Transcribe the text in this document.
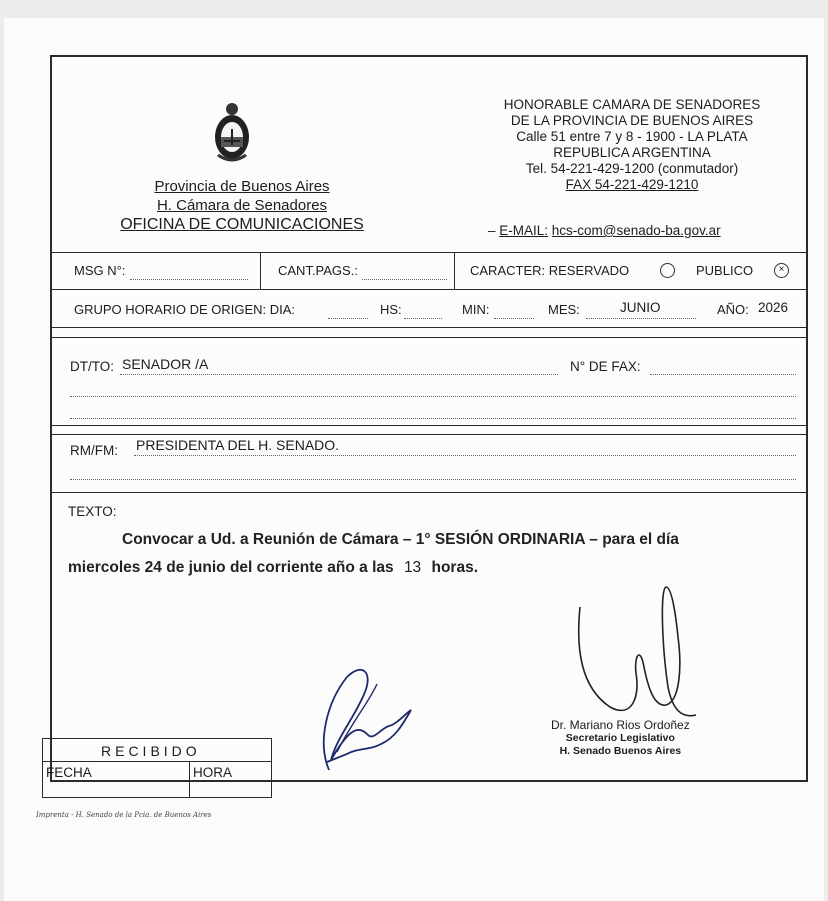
Provincia de Buenos Aires
H. Cámara de Senadores
OFICINA DE COMUNICACIONES
HONORABLE CAMARA DE SENADORES
DE LA PROVINCIA DE BUENOS AIRES
Calle 51 entre 7 y 8 - 1900 - LA PLATA
REPUBLICA ARGENTINA
Tel. 54-221-429-1200 (conmutador)
FAX 54-221-429-1210
– E-MAIL: hcs-com@senado-ba.gov.ar
MSG N°:	CANT.PAGS.:	CARACTER: RESERVADO	PUBLICO	×
GRUPO HORARIO DE ORIGEN: DIA:	HS:	MIN:	MES:	JUNIO	AÑO: 2026
DT/TO: SENADOR /A	N° DE FAX:
RM/FM: PRESIDENTA DEL H. SENADO.
TEXTO:
Convocar a Ud. a Reunión de Cámara – 1° SESIÓN ORDINARIA – para el día
miercoles 24 de junio del corriente año a las 13 horas.
Dr. Mariano Rios Ordoñez
Secretario Legislativo
H. Senado Buenos Aires
RECIBIDO
FECHA	HORA
Imprenta - H. Senado de la Pcia. de Buenos Aires
